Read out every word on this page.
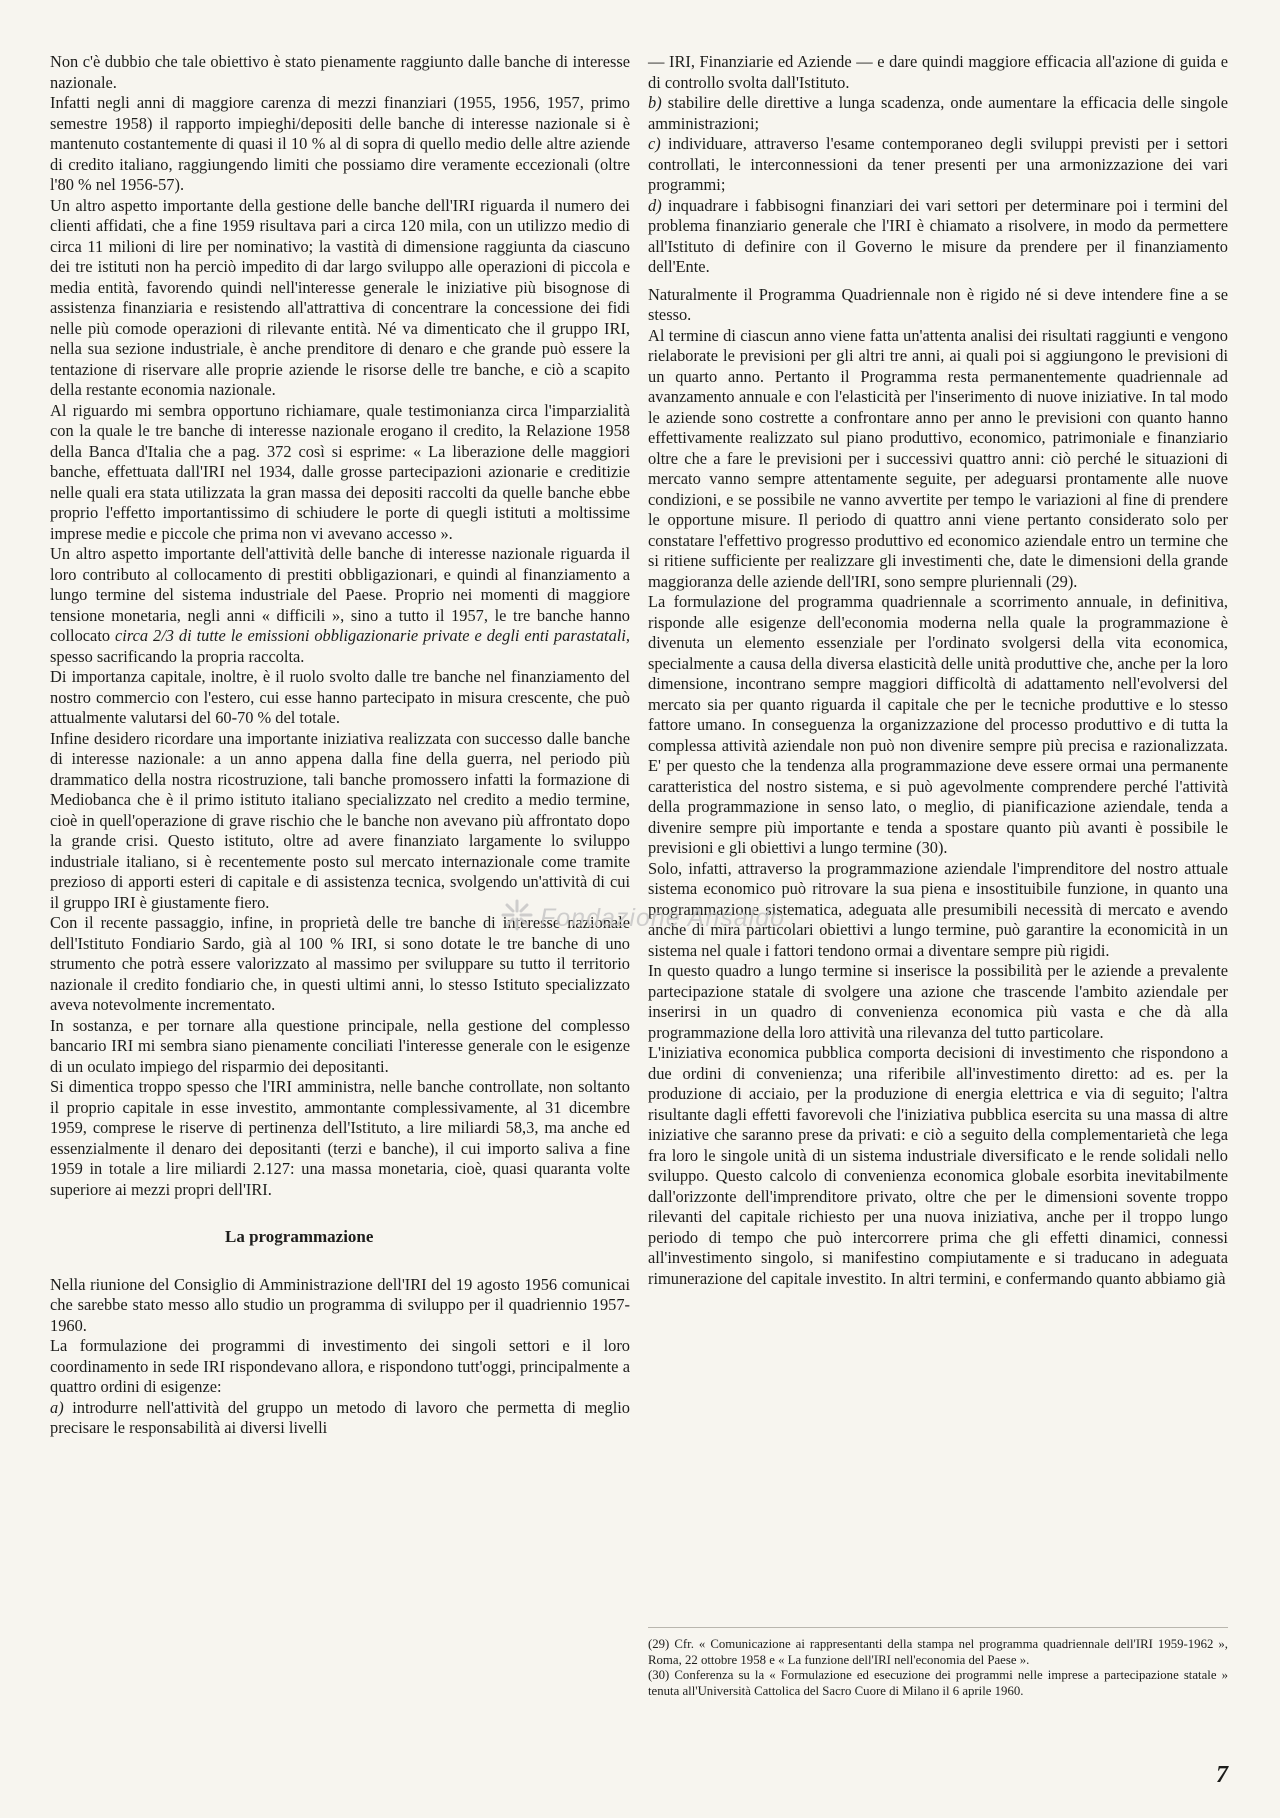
Non c'è dubbio che tale obiettivo è stato pienamente raggiunto dalle banche di interesse nazionale.

Infatti negli anni di maggiore carenza di mezzi finanziari (1955, 1956, 1957, primo semestre 1958) il rapporto impieghi/depositi delle banche di interesse nazionale si è mantenuto costantemente di quasi il 10 % al di sopra di quello medio delle altre aziende di credito italiano, raggiungendo limiti che possiamo dire veramente eccezionali (oltre l'80 % nel 1956-57).

Un altro aspetto importante della gestione delle banche dell'IRI riguarda il numero dei clienti affidati, che a fine 1959 risultava pari a circa 120 mila, con un utilizzo medio di circa 11 milioni di lire per nominativo; la vastità di dimensione raggiunta da ciascuno dei tre istituti non ha perciò impedito di dar largo sviluppo alle operazioni di piccola e media entità, favorendo quindi nell'interesse generale le iniziative più bisognose di assistenza finanziaria e resistendo all'attrattiva di concentrare la concessione dei fidi nelle più comode operazioni di rilevante entità. Né va dimenticato che il gruppo IRI, nella sua sezione industriale, è anche prenditore di denaro e che grande può essere la tentazione di riservare alle proprie aziende le risorse delle tre banche, e ciò a scapito della restante economia nazionale.

Al riguardo mi sembra opportuno richiamare, quale testimonianza circa l'imparzialità con la quale le tre banche di interesse nazionale erogano il credito, la Relazione 1958 della Banca d'Italia che a pag. 372 così si esprime: « La liberazione delle maggiori banche, effettuata dall'IRI nel 1934, dalle grosse partecipazioni azionarie e creditizie nelle quali era stata utilizzata la gran massa dei depositi raccolti da quelle banche ebbe proprio l'effetto importantissimo di schiudere le porte di quegli istituti a moltissime imprese medie e piccole che prima non vi avevano accesso ».

Un altro aspetto importante dell'attività delle banche di interesse nazionale riguarda il loro contributo al collocamento di prestiti obbligazionari, e quindi al finanziamento a lungo termine del sistema industriale del Paese. Proprio nei momenti di maggiore tensione monetaria, negli anni « difficili », sino a tutto il 1957, le tre banche hanno collocato circa 2/3 di tutte le emissioni obbligazionarie private e degli enti parastatali, spesso sacrificando la propria raccolta.

Di importanza capitale, inoltre, è il ruolo svolto dalle tre banche nel finanziamento del nostro commercio con l'estero, cui esse hanno partecipato in misura crescente, che può attualmente valutarsi del 60-70 % del totale.

Infine desidero ricordare una importante iniziativa realizzata con successo dalle banche di interesse nazionale: a un anno appena dalla fine della guerra, nel periodo più drammatico della nostra ricostruzione, tali banche promossero infatti la formazione di Mediobanca che è il primo istituto italiano specializzato nel credito a medio termine, cioè in quell'operazione di grave rischio che le banche non avevano più affrontato dopo la grande crisi. Questo istituto, oltre ad avere finanziato largamente lo sviluppo industriale italiano, si è recentemente posto sul mercato internazionale come tramite prezioso di apporti esteri di capitale e di assistenza tecnica, svolgendo un'attività di cui il gruppo IRI è giustamente fiero.

Con il recente passaggio, infine, in proprietà delle tre banche di interesse nazionale dell'Istituto Fondiario Sardo, già al 100 % IRI, si sono dotate le tre banche di uno strumento che potrà essere valorizzato al massimo per sviluppare su tutto il territorio nazionale il credito fondiario che, in questi ultimi anni, lo stesso Istituto specializzato aveva notevolmente incrementato.

In sostanza, e per tornare alla questione principale, nella gestione del complesso bancario IRI mi sembra siano pienamente conciliati l'interesse generale con le esigenze di un oculato impiego del risparmio dei depositanti.

Si dimentica troppo spesso che l'IRI amministra, nelle banche controllate, non soltanto il proprio capitale in esse investito, ammontante complessivamente, al 31 dicembre 1959, comprese le riserve di pertinenza dell'Istituto, a lire miliardi 58,3, ma anche ed essenzialmente il denaro dei depositanti (terzi e banche), il cui importo saliva a fine 1959 in totale a lire miliardi 2.127: una massa monetaria, cioè, quasi quaranta volte superiore ai mezzi propri dell'IRI.

La programmazione

Nella riunione del Consiglio di Amministrazione dell'IRI del 19 agosto 1956 comunicai che sarebbe stato messo allo studio un programma di sviluppo per il quadriennio 1957-1960.

La formulazione dei programmi di investimento dei singoli settori e il loro coordinamento in sede IRI rispondevano allora, e rispondono tutt'oggi, principalmente a quattro ordini di esigenze:

a) introdurre nell'attività del gruppo un metodo di lavoro che permetta di meglio precisare le responsabilità ai diversi livelli

— IRI, Finanziarie ed Aziende — e dare quindi maggiore efficacia all'azione di guida e di controllo svolta dall'Istituto.

b) stabilire delle direttive a lunga scadenza, onde aumentare la efficacia delle singole amministrazioni;

c) individuare, attraverso l'esame contemporaneo degli sviluppi previsti per i settori controllati, le interconnessioni da tener presenti per una armonizzazione dei vari programmi;

d) inquadrare i fabbisogni finanziari dei vari settori per determinare poi i termini del problema finanziario generale che l'IRI è chiamato a risolvere, in modo da permettere all'Istituto di definire con il Governo le misure da prendere per il finanziamento dell'Ente.

Naturalmente il Programma Quadriennale non è rigido né si deve intendere fine a se stesso.

Al termine di ciascun anno viene fatta un'attenta analisi dei risultati raggiunti e vengono rielaborate le previsioni per gli altri tre anni, ai quali poi si aggiungono le previsioni di un quarto anno. Pertanto il Programma resta permanentemente quadriennale ad avanzamento annuale e con l'elasticità per l'inserimento di nuove iniziative. In tal modo le aziende sono costrette a confrontare anno per anno le previsioni con quanto hanno effettivamente realizzato sul piano produttivo, economico, patrimoniale e finanziario oltre che a fare le previsioni per i successivi quattro anni: ciò perché le situazioni di mercato vanno sempre attentamente seguite, per adeguarsi prontamente alle nuove condizioni, e se possibile ne vanno avvertite per tempo le variazioni al fine di prendere le opportune misure. Il periodo di quattro anni viene pertanto considerato solo per constatare l'effettivo progresso produttivo ed economico aziendale entro un termine che si ritiene sufficiente per realizzare gli investimenti che, date le dimensioni della grande maggioranza delle aziende dell'IRI, sono sempre pluriennali (29).

La formulazione del programma quadriennale a scorrimento annuale, in definitiva, risponde alle esigenze dell'economia moderna nella quale la programmazione è divenuta un elemento essenziale per l'ordinato svolgersi della vita economica, specialmente a causa della diversa elasticità delle unità produttive che, anche per la loro dimensione, incontrano sempre maggiori difficoltà di adattamento nell'evolversi del mercato sia per quanto riguarda il capitale che per le tecniche produttive e lo stesso fattore umano. In conseguenza la organizzazione del processo produttivo e di tutta la complessa attività aziendale non può non divenire sempre più precisa e razionalizzata. E' per questo che la tendenza alla programmazione deve essere ormai una permanente caratteristica del nostro sistema, e si può agevolmente comprendere perché l'attività della programmazione in senso lato, o meglio, di pianificazione aziendale, tenda a divenire sempre più importante e tenda a spostare quanto più avanti è possibile le previsioni e gli obiettivi a lungo termine (30).

Solo, infatti, attraverso la programmazione aziendale l'imprenditore del nostro attuale sistema economico può ritrovare la sua piena e insostituibile funzione, in quanto una programmazione sistematica, adeguata alle presumibili necessità di mercato e avendo anche di mira particolari obiettivi a lungo termine, può garantire la economicità in un sistema nel quale i fattori tendono ormai a diventare sempre più rigidi.

In questo quadro a lungo termine si inserisce la possibilità per le aziende a prevalente partecipazione statale di svolgere una azione che trascende l'ambito aziendale per inserirsi in un quadro di convenienza economica più vasta e che dà alla programmazione della loro attività una rilevanza del tutto particolare.

L'iniziativa economica pubblica comporta decisioni di investimento che rispondono a due ordini di convenienza; una riferibile all'investimento diretto: ad es. per la produzione di acciaio, per la produzione di energia elettrica e via di seguito; l'altra risultante dagli effetti favorevoli che l'iniziativa pubblica esercita su una massa di altre iniziative che saranno prese da privati: e ciò a seguito della complementarietà che lega fra loro le singole unità di un sistema industriale diversificato e le rende solidali nello sviluppo. Questo calcolo di convenienza economica globale esorbita inevitabilmente dall'orizzonte dell'imprenditore privato, oltre che per le dimensioni sovente troppo rilevanti del capitale richiesto per una nuova iniziativa, anche per il troppo lungo periodo di tempo che può intercorrere prima che gli effetti dinamici, connessi all'investimento singolo, si manifestino compiutamente e si traducano in adeguata rimunerazione del capitale investito. In altri termini, e confermando quanto abbiamo già

(29) Cfr. « Comunicazione ai rappresentanti della stampa nel programma quadriennale dell'IRI 1959-1962 », Roma, 22 ottobre 1958 e « La funzione dell'IRI nell'economia del Paese ».

(30) Conferenza su la « Formulazione ed esecuzione dei programmi nelle imprese a partecipazione statale » tenuta all'Università Cattolica del Sacro Cuore di Milano il 6 aprile 1960.

7
Fondazione Ansaldo
